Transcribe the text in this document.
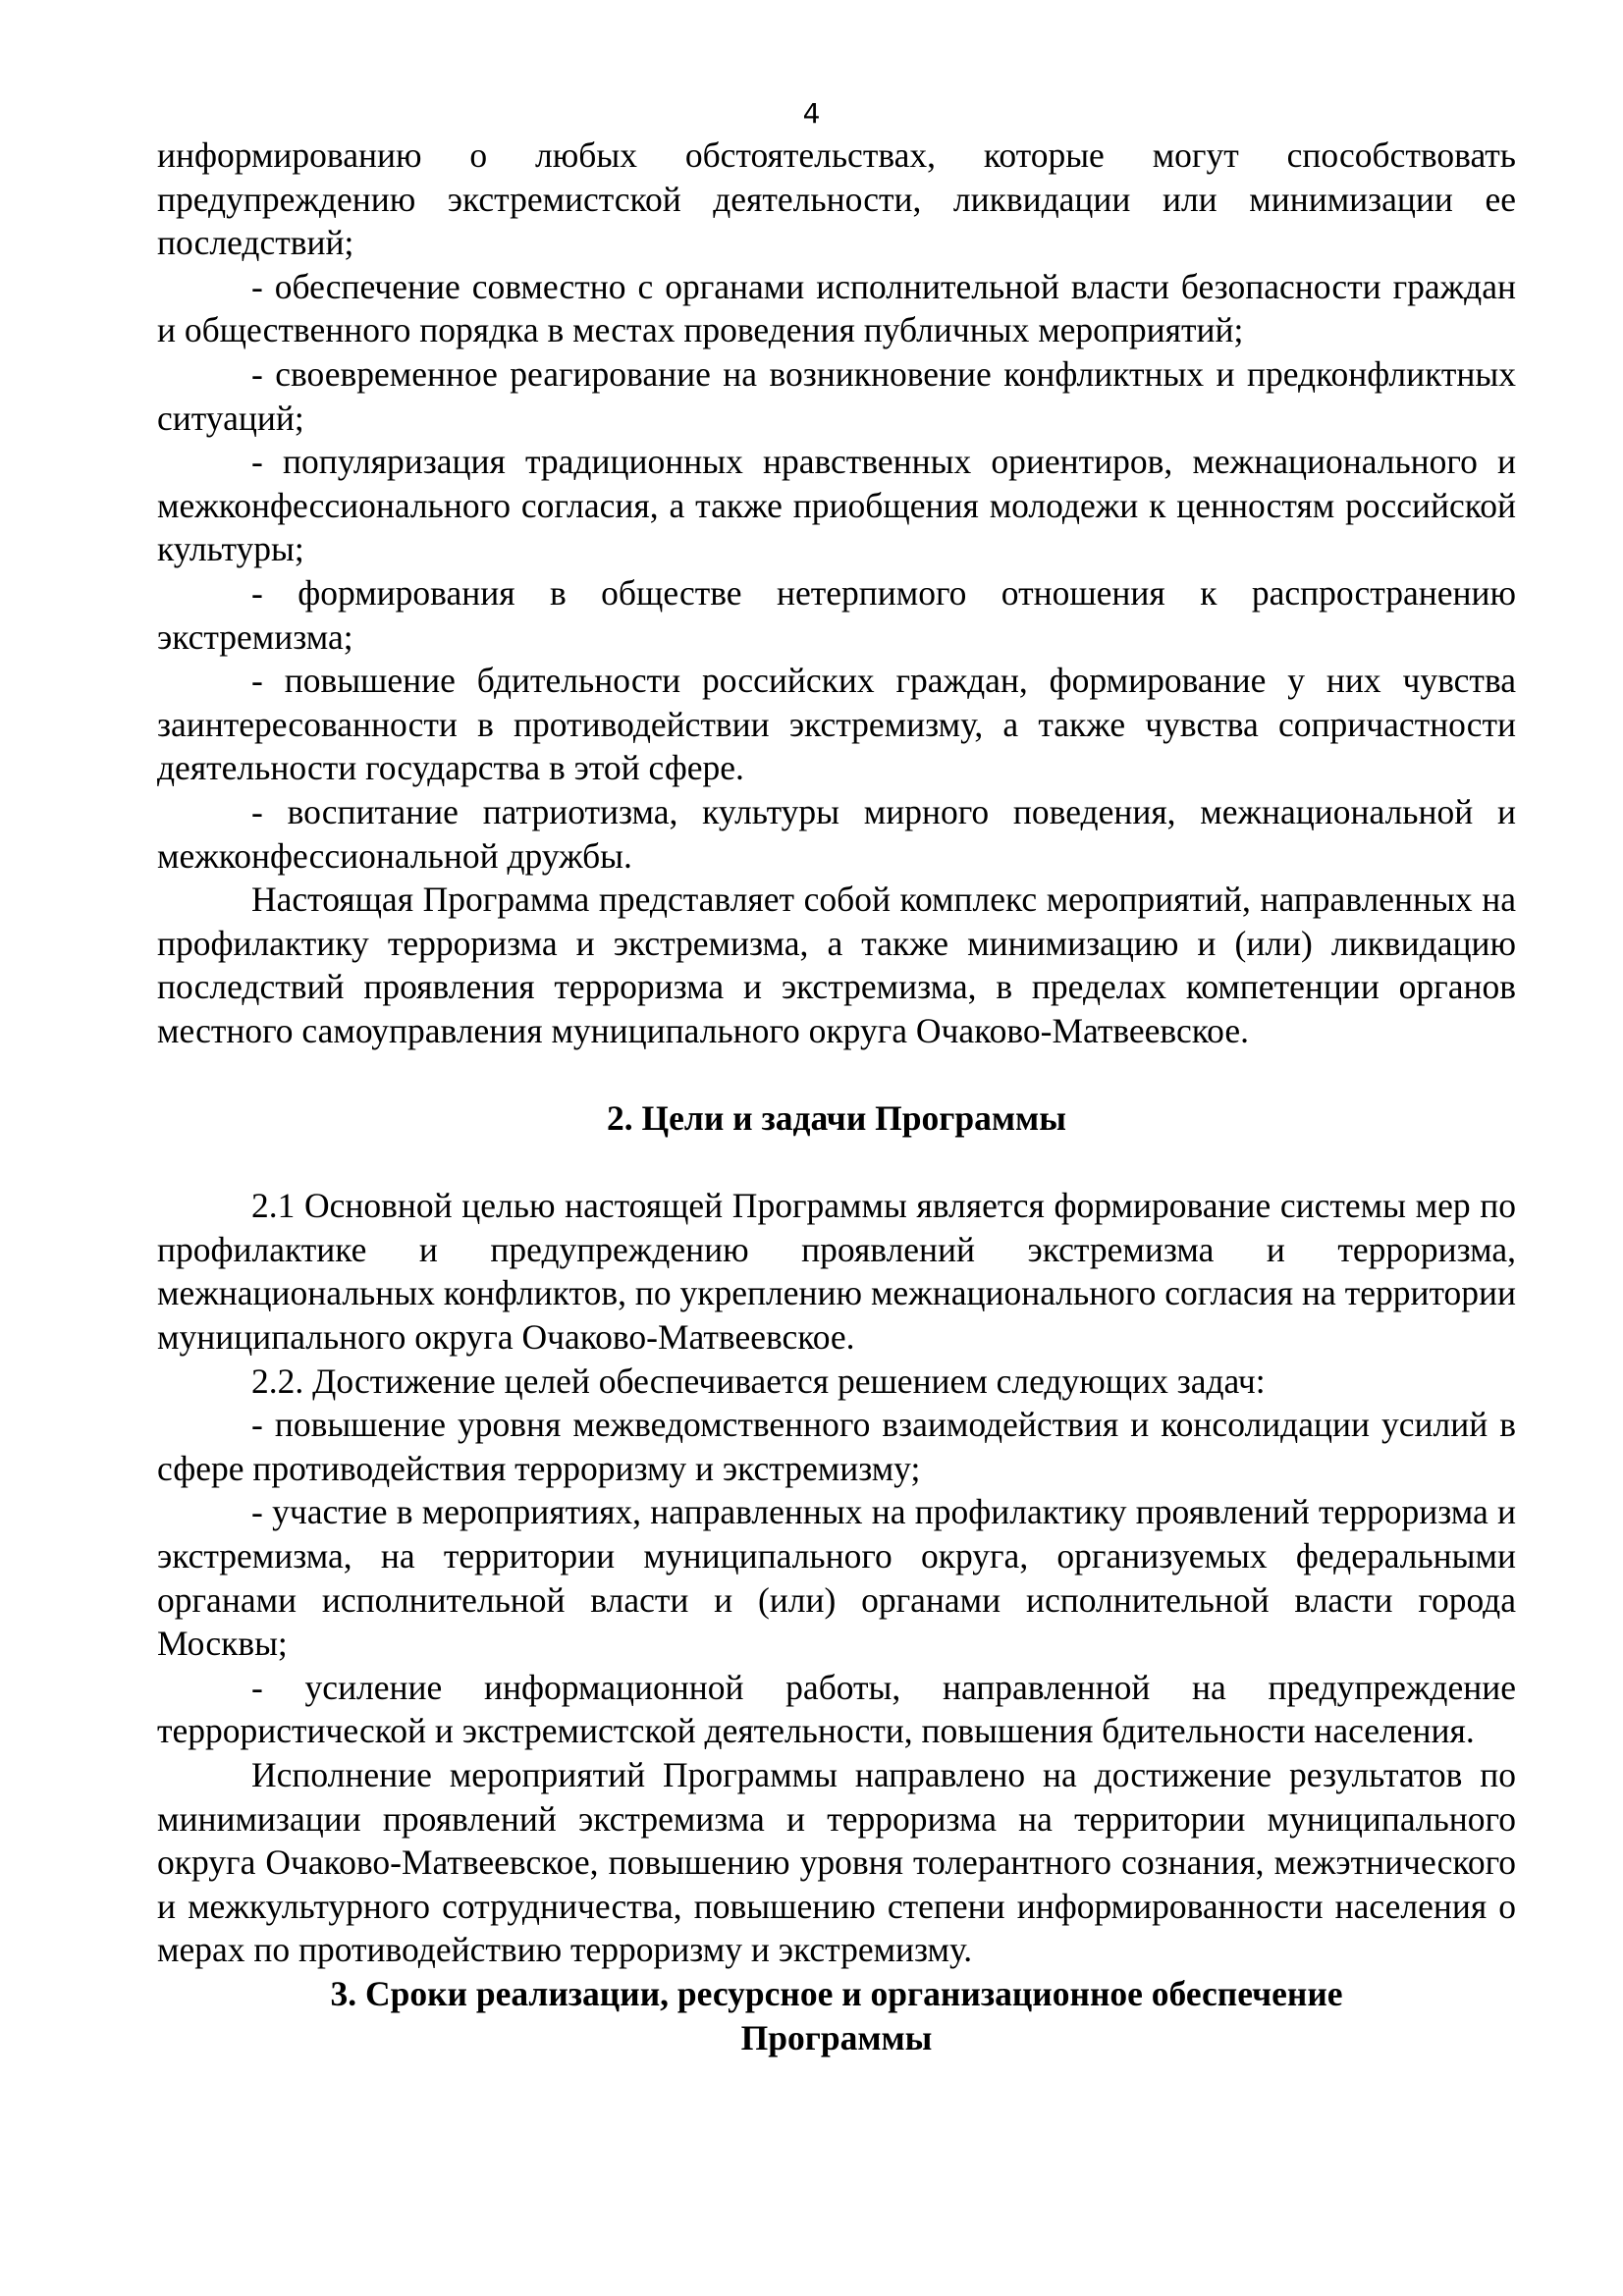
4

информированию о любых обстоятельствах, которые могут способствовать предупреждению экстремистской деятельности, ликвидации или минимизации ее последствий;

- обеспечение совместно с органами исполнительной власти безопасности граждан и общественного порядка в местах проведения публичных мероприятий;

- своевременное реагирование на возникновение конфликтных и предконфликтных ситуаций;

- популяризация традиционных нравственных ориентиров, межнационального и межконфессионального согласия, а также приобщения молодежи к ценностям российской культуры;

- формирования в обществе нетерпимого отношения к распространению экстремизма;

- повышение бдительности российских граждан, формирование у них чувства заинтересованности в противодействии экстремизму, а также чувства сопричастности деятельности государства в этой сфере.

- воспитание патриотизма, культуры мирного поведения, межнациональной и межконфессиональной дружбы.

Настоящая Программа представляет собой комплекс мероприятий, направленных на профилактику терроризма и экстремизма, а также минимизацию и (или) ликвидацию последствий проявления терроризма и экстремизма, в пределах компетенции органов местного самоуправления муниципального округа Очаково-Матвеевское.

2. Цели и задачи Программы

2.1 Основной целью настоящей Программы является формирование системы мер по профилактике и предупреждению проявлений экстремизма и терроризма, межнациональных конфликтов, по укреплению межнационального согласия на территории муниципального округа Очаково-Матвеевское.

2.2. Достижение целей обеспечивается решением следующих задач:

- повышение уровня межведомственного взаимодействия и консолидации усилий в сфере противодействия терроризму и экстремизму;

- участие в мероприятиях, направленных на профилактику проявлений терроризма и экстремизма, на территории муниципального округа, организуемых федеральными органами исполнительной власти и (или) органами исполнительной власти города Москвы;

- усиление информационной работы, направленной на предупреждение террористической и экстремистской деятельности, повышения бдительности населения.

Исполнение мероприятий Программы направлено на достижение результатов по минимизации проявлений экстремизма и терроризма на территории муниципального округа Очаково-Матвеевское, повышению уровня толерантного сознания, межэтнического и межкультурного сотрудничества, повышению степени информированности населения о мерах по противодействию терроризму и экстремизму.

3. Сроки реализации, ресурсное и организационное обеспечение
Программы
